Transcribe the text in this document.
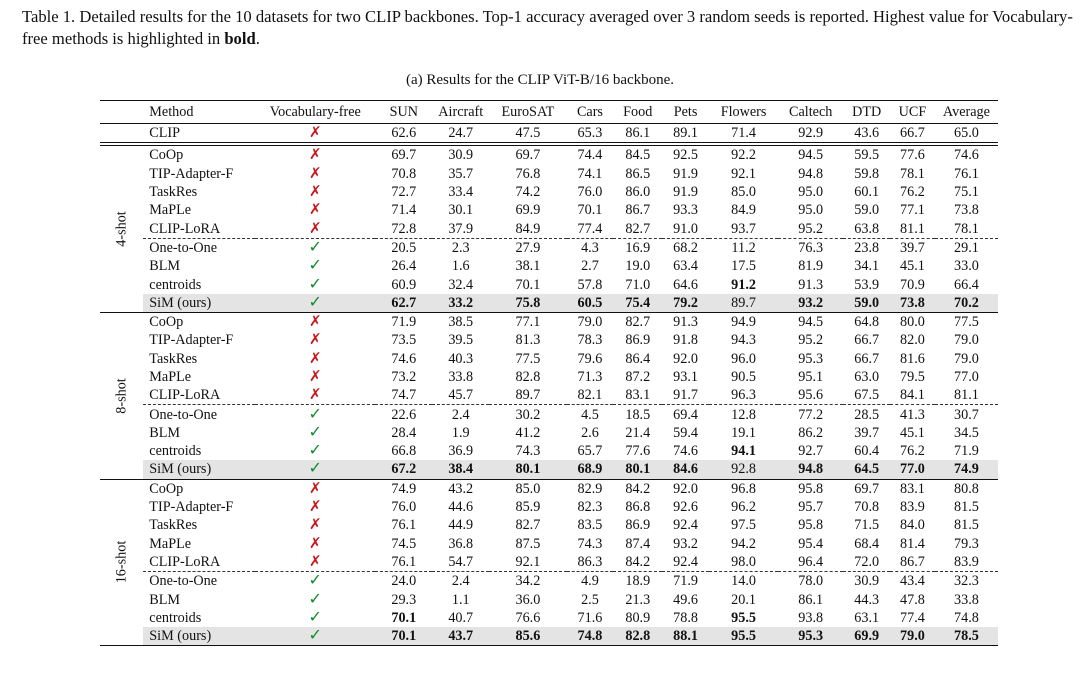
Table 1. Detailed results for the 10 datasets for two CLIP backbones. Top-1 accuracy averaged over 3 random seeds is reported. Highest value for Vocabulary-free methods is highlighted in bold.
(a) Results for the CLIP ViT-B/16 backbone.
	Method	Vocabulary-free	SUN	Aircraft	EuroSAT	Cars	Food	Pets	Flowers	Caltech	DTD	UCF	Average
	CLIP	✗	62.6	24.7	47.5	65.3	86.1	89.1	71.4	92.9	43.6	66.7	65.0
4-shot	CoOp	✗	69.7	30.9	69.7	74.4	84.5	92.5	92.2	94.5	59.5	77.6	74.6
	TIP-Adapter-F	✗	70.8	35.7	76.8	74.1	86.5	91.9	92.1	94.8	59.8	78.1	76.1
	TaskRes	✗	72.7	33.4	74.2	76.0	86.0	91.9	85.0	95.0	60.1	76.2	75.1
	MaPLe	✗	71.4	30.1	69.9	70.1	86.7	93.3	84.9	95.0	59.0	77.1	73.8
	CLIP-LoRA	✗	72.8	37.9	84.9	77.4	82.7	91.0	93.7	95.2	63.8	81.1	78.1
	One-to-One	✓	20.5	2.3	27.9	4.3	16.9	68.2	11.2	76.3	23.8	39.7	29.1
	BLM	✓	26.4	1.6	38.1	2.7	19.0	63.4	17.5	81.9	34.1	45.1	33.0
	centroids	✓	60.9	32.4	70.1	57.8	71.0	64.6	91.2	91.3	53.9	70.9	66.4
	SiM (ours)	✓	62.7	33.2	75.8	60.5	75.4	79.2	89.7	93.2	59.0	73.8	70.2
8-shot	CoOp	✗	71.9	38.5	77.1	79.0	82.7	91.3	94.9	94.5	64.8	80.0	77.5
	TIP-Adapter-F	✗	73.5	39.5	81.3	78.3	86.9	91.8	94.3	95.2	66.7	82.0	79.0
	TaskRes	✗	74.6	40.3	77.5	79.6	86.4	92.0	96.0	95.3	66.7	81.6	79.0
	MaPLe	✗	73.2	33.8	82.8	71.3	87.2	93.1	90.5	95.1	63.0	79.5	77.0
	CLIP-LoRA	✗	74.7	45.7	89.7	82.1	83.1	91.7	96.3	95.6	67.5	84.1	81.1
	One-to-One	✓	22.6	2.4	30.2	4.5	18.5	69.4	12.8	77.2	28.5	41.3	30.7
	BLM	✓	28.4	1.9	41.2	2.6	21.4	59.4	19.1	86.2	39.7	45.1	34.5
	centroids	✓	66.8	36.9	74.3	65.7	77.6	74.6	94.1	92.7	60.4	76.2	71.9
	SiM (ours)	✓	67.2	38.4	80.1	68.9	80.1	84.6	92.8	94.8	64.5	77.0	74.9
16-shot	CoOp	✗	74.9	43.2	85.0	82.9	84.2	92.0	96.8	95.8	69.7	83.1	80.8
	TIP-Adapter-F	✗	76.0	44.6	85.9	82.3	86.8	92.6	96.2	95.7	70.8	83.9	81.5
	TaskRes	✗	76.1	44.9	82.7	83.5	86.9	92.4	97.5	95.8	71.5	84.0	81.5
	MaPLe	✗	74.5	36.8	87.5	74.3	87.4	93.2	94.2	95.4	68.4	81.4	79.3
	CLIP-LoRA	✗	76.1	54.7	92.1	86.3	84.2	92.4	98.0	96.4	72.0	86.7	83.9
	One-to-One	✓	24.0	2.4	34.2	4.9	18.9	71.9	14.0	78.0	30.9	43.4	32.3
	BLM	✓	29.3	1.1	36.0	2.5	21.3	49.6	20.1	86.1	44.3	47.8	33.8
	centroids	✓	70.1	40.7	76.6	71.6	80.9	78.8	95.5	93.8	63.1	77.4	74.8
	SiM (ours)	✓	70.1	43.7	85.6	74.8	82.8	88.1	95.5	95.3	69.9	79.0	78.5
